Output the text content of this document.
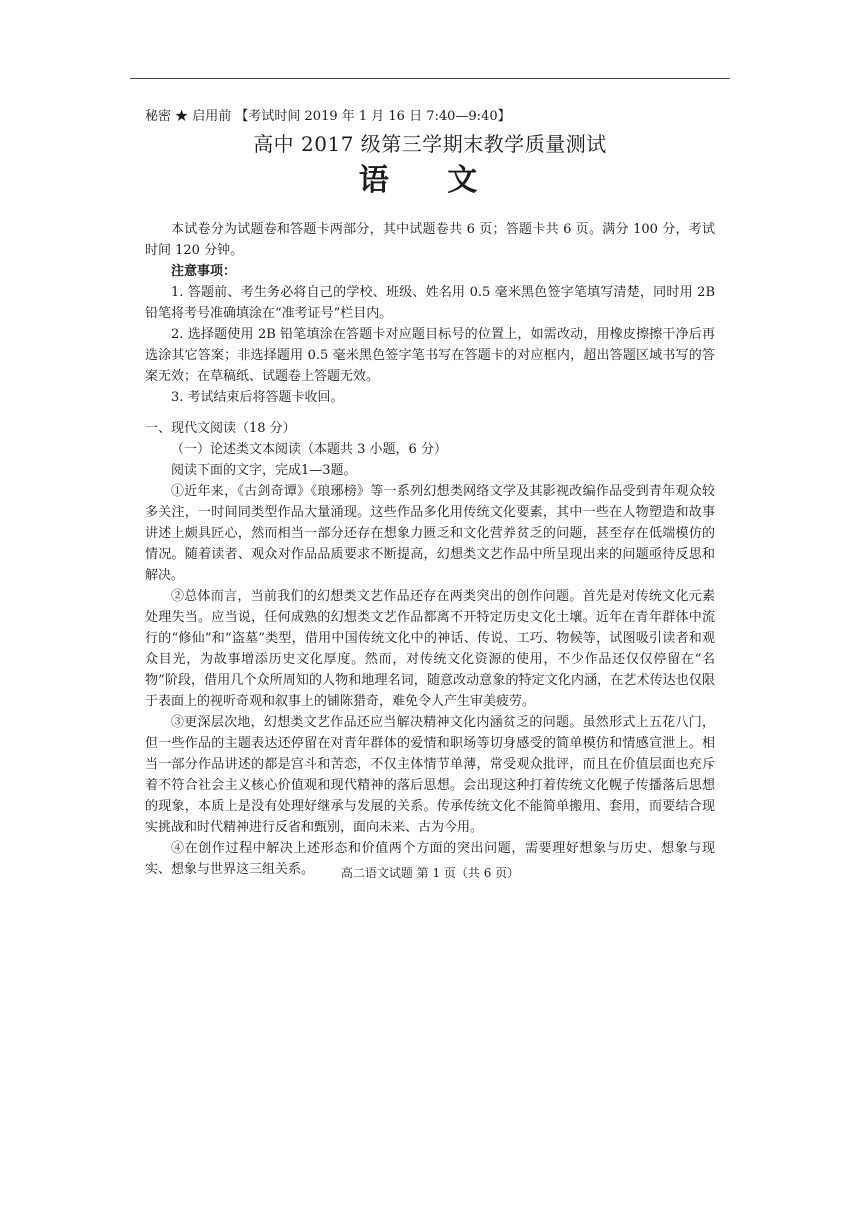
秘密 ★ 启用前 【考试时间 2019 年 1 月 16 日 7:40—9:40】
高中 2017 级第三学期末教学质量测试
语 文

本试卷分为试题卷和答题卡两部分，其中试题卷共 6 页；答题卡共 6 页。满分 100 分，考试时间 120 分钟。

注意事项：

1. 答题前、考生务必将自己的学校、班级、姓名用 0.5 毫米黑色签字笔填写清楚，同时用 2B 铅笔将考号准确填涂在“准考证号”栏目内。

2. 选择题使用 2B 铅笔填涂在答题卡对应题目标号的位置上，如需改动，用橡皮擦擦干净后再选涂其它答案；非选择题用 0.5 毫米黑色签字笔书写在答题卡的对应框内，超出答题区域书写的答案无效；在草稿纸、试题卷上答题无效。

3. 考试结束后将答题卡收回。

一、现代文阅读（18 分）

（一）论述类文本阅读（本题共 3 小题，6 分）

阅读下面的文字，完成1—3题。

①近年来，《古剑奇谭》《琅琊榜》等一系列幻想类网络文学及其影视改编作品受到青年观众较多关注，一时间同类型作品大量涌现。这些作品多化用传统文化要素，其中一些在人物塑造和故事讲述上颇具匠心，然而相当一部分还存在想象力匮乏和文化营养贫乏的问题，甚至存在低端模仿的情况。随着读者、观众对作品品质要求不断提高，幻想类文艺作品中所呈现出来的问题亟待反思和解决。

②总体而言，当前我们的幻想类文艺作品还存在两类突出的创作问题。首先是对传统文化元素处理失当。应当说，任何成熟的幻想类文艺作品都离不开特定历史文化土壤。近年在青年群体中流行的“修仙”和“盗墓”类型，借用中国传统文化中的神话、传说、工巧、物候等，试图吸引读者和观众目光，为故事增添历史文化厚度。然而，对传统文化资源的使用，不少作品还仅仅停留在“名物”阶段，借用几个众所周知的人物和地理名词，随意改动意象的特定文化内涵，在艺术传达也仅限于表面上的视听奇观和叙事上的铺陈猎奇，难免令人产生审美疲劳。

③更深层次地，幻想类文艺作品还应当解决精神文化内涵贫乏的问题。虽然形式上五花八门，但一些作品的主题表达还停留在对青年群体的爱情和职场等切身感受的简单模仿和情感宣泄上。相当一部分作品讲述的都是宫斗和苦恋，不仅主体情节单薄，常受观众批评，而且在价值层面也充斥着不符合社会主义核心价值观和现代精神的落后思想。会出现这种打着传统文化幌子传播落后思想的现象，本质上是没有处理好继承与发展的关系。传承传统文化不能简单搬用、套用，而要结合现实挑战和时代精神进行反省和甄别，面向未来、古为今用。

④在创作过程中解决上述形态和价值两个方面的突出问题，需要理好想象与历史、想象与现实、想象与世界这三组关系。	高二语文试题 第 1 页（共 6 页）
